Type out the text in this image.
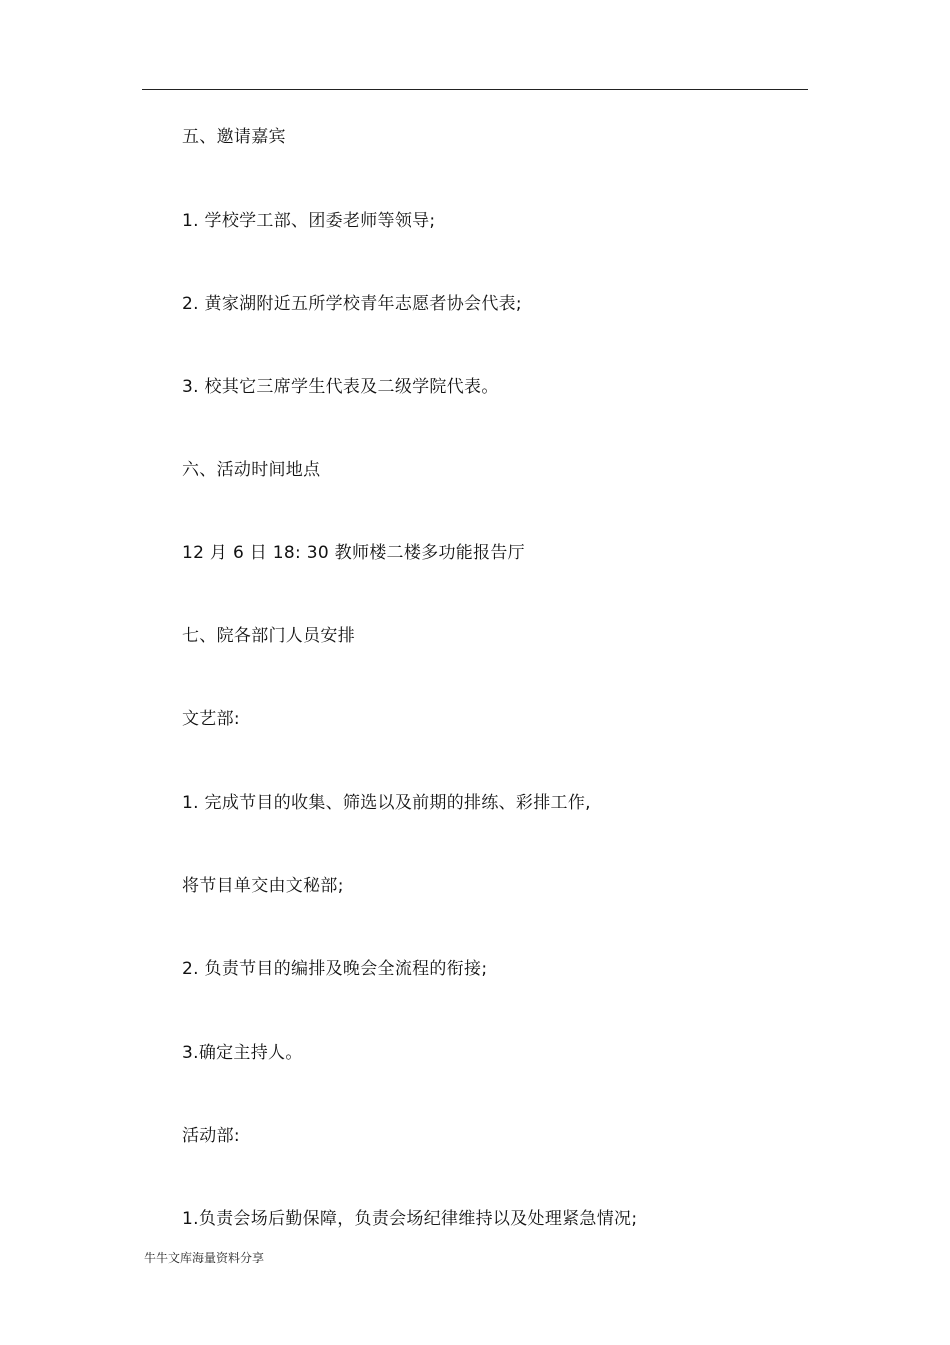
五、邀请嘉宾
1. 学校学工部、团委老师等领导;
2. 黄家湖附近五所学校青年志愿者协会代表;
3. 校其它三席学生代表及二级学院代表。
六、活动时间地点
12 月 6 日 18: 30 教师楼二楼多功能报告厅
七、院各部门人员安排
文艺部:
1. 完成节目的收集、筛选以及前期的排练、彩排工作,
将节目单交由文秘部;
2. 负责节目的编排及晚会全流程的衔接;
3.确定主持人。
活动部:
1.负责会场后勤保障，负责会场纪律维持以及处理紧急情况;
牛牛文库海量资料分享
